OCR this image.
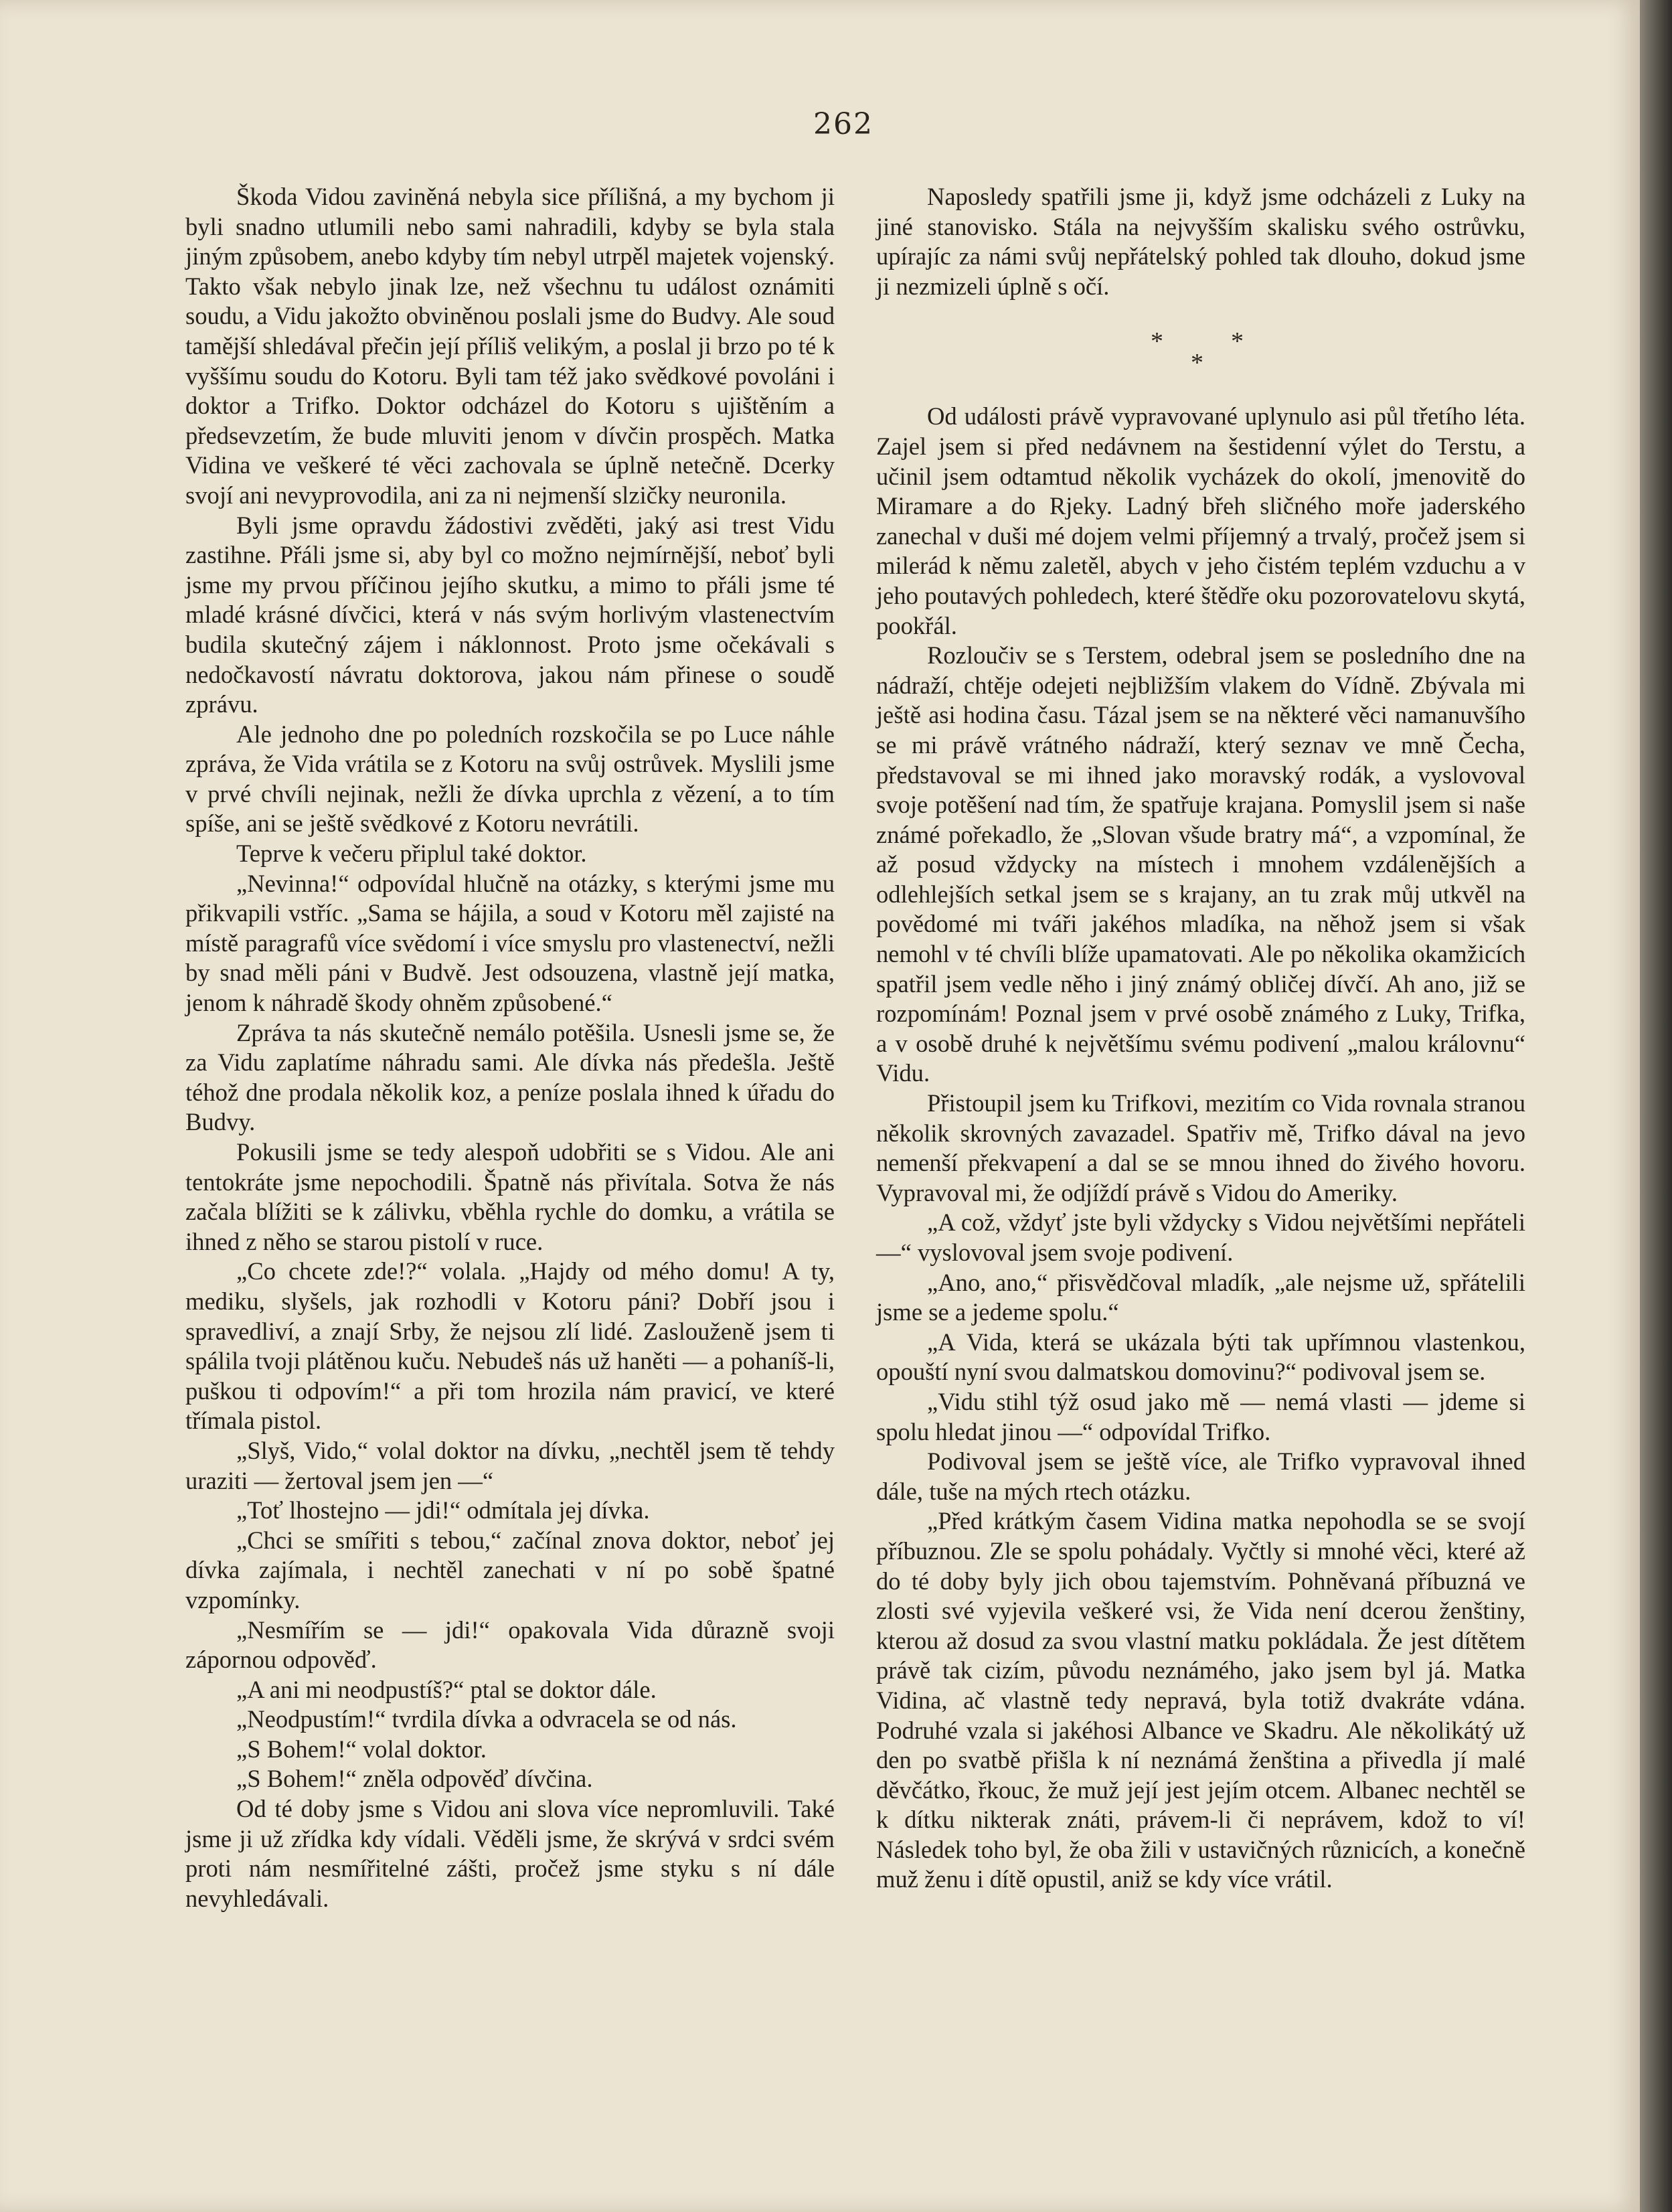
262

Škoda Vidou zaviněná nebyla sice přílišná, a my bychom ji byli snadno utlumili nebo sami nahradili, kdyby se byla stala jiným způsobem, anebo kdyby tím nebyl utrpěl majetek vojenský. Takto však nebylo jinak lze, než všechnu tu událost oznámiti soudu, a Vidu jakožto obviněnou poslali jsme do Budvy. Ale soud tamější shledával přečin její příliš velikým, a poslal ji brzo po té k vyššímu soudu do Kotoru. Byli tam též jako svědkové povoláni i doktor a Trifko. Doktor odcházel do Kotoru s ujištěním a předsevzetím, že bude mluviti jenom v dívčin prospěch. Matka Vidina ve veškeré té věci zachovala se úplně netečně. Dcerky svojí ani nevyprovodila, ani za ni nejmenší slzičky neuronila.

Byli jsme opravdu žádostivi zvěděti, jaký asi trest Vidu zastihne. Přáli jsme si, aby byl co možno nejmírnější, neboť byli jsme my prvou příčinou jejího skutku, a mimo to přáli jsme té mladé krásné dívčici, která v nás svým horlivým vlastenectvím budila skutečný zájem i náklonnost. Proto jsme očekávali s nedočkavostí návratu doktorova, jakou nám přinese o soudě zprávu.

Ale jednoho dne po poledních rozskočila se po Luce náhle zpráva, že Vida vrátila se z Kotoru na svůj ostrůvek. Myslili jsme v prvé chvíli nejinak, nežli že dívka uprchla z vězení, a to tím spíše, ani se ještě svědkové z Kotoru nevrátili.

Teprve k večeru připlul také doktor.

„Nevinna!“ odpovídal hlučně na otázky, s kterými jsme mu přikvapili vstříc. „Sama se hájila, a soud v Kotoru měl zajisté na místě paragrafů více svědomí i více smyslu pro vlastenectví, nežli by snad měli páni v Budvě. Jest odsouzena, vlastně její matka, jenom k náhradě škody ohněm způsobené.“

Zpráva ta nás skutečně nemálo potěšila. Usnesli jsme se, že za Vidu zaplatíme náhradu sami. Ale dívka nás předešla. Ještě téhož dne prodala několik koz, a peníze poslala ihned k úřadu do Budvy.

Pokusili jsme se tedy alespoň udobřiti se s Vidou. Ale ani tentokráte jsme nepochodili. Špatně nás přivítala. Sotva že nás začala blížiti se k zálivku, vběhla rychle do domku, a vrátila se ihned z něho se starou pistolí v ruce.

„Co chcete zde!?“ volala. „Hajdy od mého domu! A ty, mediku, slyšels, jak rozhodli v Kotoru páni? Dobří jsou i spravedliví, a znají Srby, že nejsou zlí lidé. Zaslouženě jsem ti spálila tvoji plátěnou kuču. Nebudeš nás už haněti — a pohaníš-li, puškou ti odpovím!“ a při tom hrozila nám pravicí, ve které třímala pistol.

„Slyš, Vido,“ volal doktor na dívku, „nechtěl jsem tě tehdy uraziti — žertoval jsem jen —“

„Toť lhostejno — jdi!“ odmítala jej dívka.

„Chci se smířiti s tebou,“ začínal znova doktor, neboť jej dívka zajímala, i nechtěl zanechati v ní po sobě špatné vzpomínky.

„Nesmířím se — jdi!“ opakovala Vida důrazně svoji zápornou odpověď.

„A ani mi neodpustíš?“ ptal se doktor dále.

„Neodpustím!“ tvrdila dívka a odvracela se od nás.

„S Bohem!“ volal doktor.

„S Bohem!“ zněla odpověď dívčina.

Od té doby jsme s Vidou ani slova více nepromluvili. Také jsme ji už zřídka kdy vídali. Věděli jsme, že skrývá v srdci svém proti nám nesmířitelné zášti, pročež jsme styku s ní dále nevyhledávali.

Naposledy spatřili jsme ji, když jsme odcházeli z Luky na jiné stanovisko. Stála na nejvyšším skalisku svého ostrůvku, upírajíc za námi svůj nepřátelský pohled tak dlouho, dokud jsme ji nezmizeli úplně s očí.

*	*
*

Od události právě vypravované uplynulo asi půl třetího léta. Zajel jsem si před nedávnem na šestidenní výlet do Terstu, a učinil jsem odtamtud několik vycházek do okolí, jmenovitě do Miramare a do Rjeky. Ladný břeh sličného moře jaderského zanechal v duši mé dojem velmi příjemný a trvalý, pročež jsem si milerád k němu zaletěl, abych v jeho čistém teplém vzduchu a v jeho poutavých pohledech, které štědře oku pozorovatelovu skytá, pookřál.

Rozloučiv se s Terstem, odebral jsem se posledního dne na nádraží, chtěje odejeti nejbližším vlakem do Vídně. Zbývala mi ještě asi hodina času. Tázal jsem se na některé věci namanuvšího se mi právě vrátného nádraží, který seznav ve mně Čecha, představoval se mi ihned jako moravský rodák, a vyslovoval svoje potěšení nad tím, že spatřuje krajana. Pomyslil jsem si naše známé pořekadlo, že „Slovan všude bratry má“, a vzpomínal, že až posud vždycky na místech i mnohem vzdálenějších a odlehlejších setkal jsem se s krajany, an tu zrak můj utkvěl na povědomé mi tváři jakéhos mladíka, na něhož jsem si však nemohl v té chvíli blíže upamatovati. Ale po několika okamžicích spatřil jsem vedle něho i jiný známý obličej dívčí. Ah ano, již se rozpomínám! Poznal jsem v prvé osobě známého z Luky, Trifka, a v osobě druhé k největšímu svému podivení „malou královnu“ Vidu.

Přistoupil jsem ku Trifkovi, mezitím co Vida rovnala stranou několik skrovných zavazadel. Spatřiv mě, Trifko dával na jevo nemenší překvapení a dal se se mnou ihned do živého hovoru. Vypravoval mi, že odjíždí právě s Vidou do Ameriky.

„A což, vždyť jste byli vždycky s Vidou největšími nepřáteli —“ vyslovoval jsem svoje podivení.

„Ano, ano,“ přisvědčoval mladík, „ale nejsme už, spřátelili jsme se a jedeme spolu.“

„A Vida, která se ukázala býti tak upřímnou vlastenkou, opouští nyní svou dalmatskou domovinu?“ podivoval jsem se.

„Vidu stihl týž osud jako mě — nemá vlasti — jdeme si spolu hledat jinou —“ odpovídal Trifko.

Podivoval jsem se ještě více, ale Trifko vypravoval ihned dále, tuše na mých rtech otázku.

„Před krátkým časem Vidina matka nepohodla se se svojí příbuznou. Zle se spolu pohádaly. Vyčtly si mnohé věci, které až do té doby byly jich obou tajemstvím. Pohněvaná příbuzná ve zlosti své vyjevila veškeré vsi, že Vida není dcerou ženštiny, kterou až dosud za svou vlastní matku pokládala. Že jest dítětem právě tak cizím, původu neznámého, jako jsem byl já. Matka Vidina, ač vlastně tedy nepravá, byla totiž dvakráte vdána. Podruhé vzala si jakéhosi Albance ve Skadru. Ale několikátý už den po svatbě přišla k ní neznámá ženština a přivedla jí malé děvčátko, řkouc, že muž její jest jejím otcem. Albanec nechtěl se k dítku nikterak znáti, právem-li či neprávem, kdož to ví! Následek toho byl, že oba žili v ustavičných různicích, a konečně muž ženu i dítě opustil, aniž se kdy více vrátil.
